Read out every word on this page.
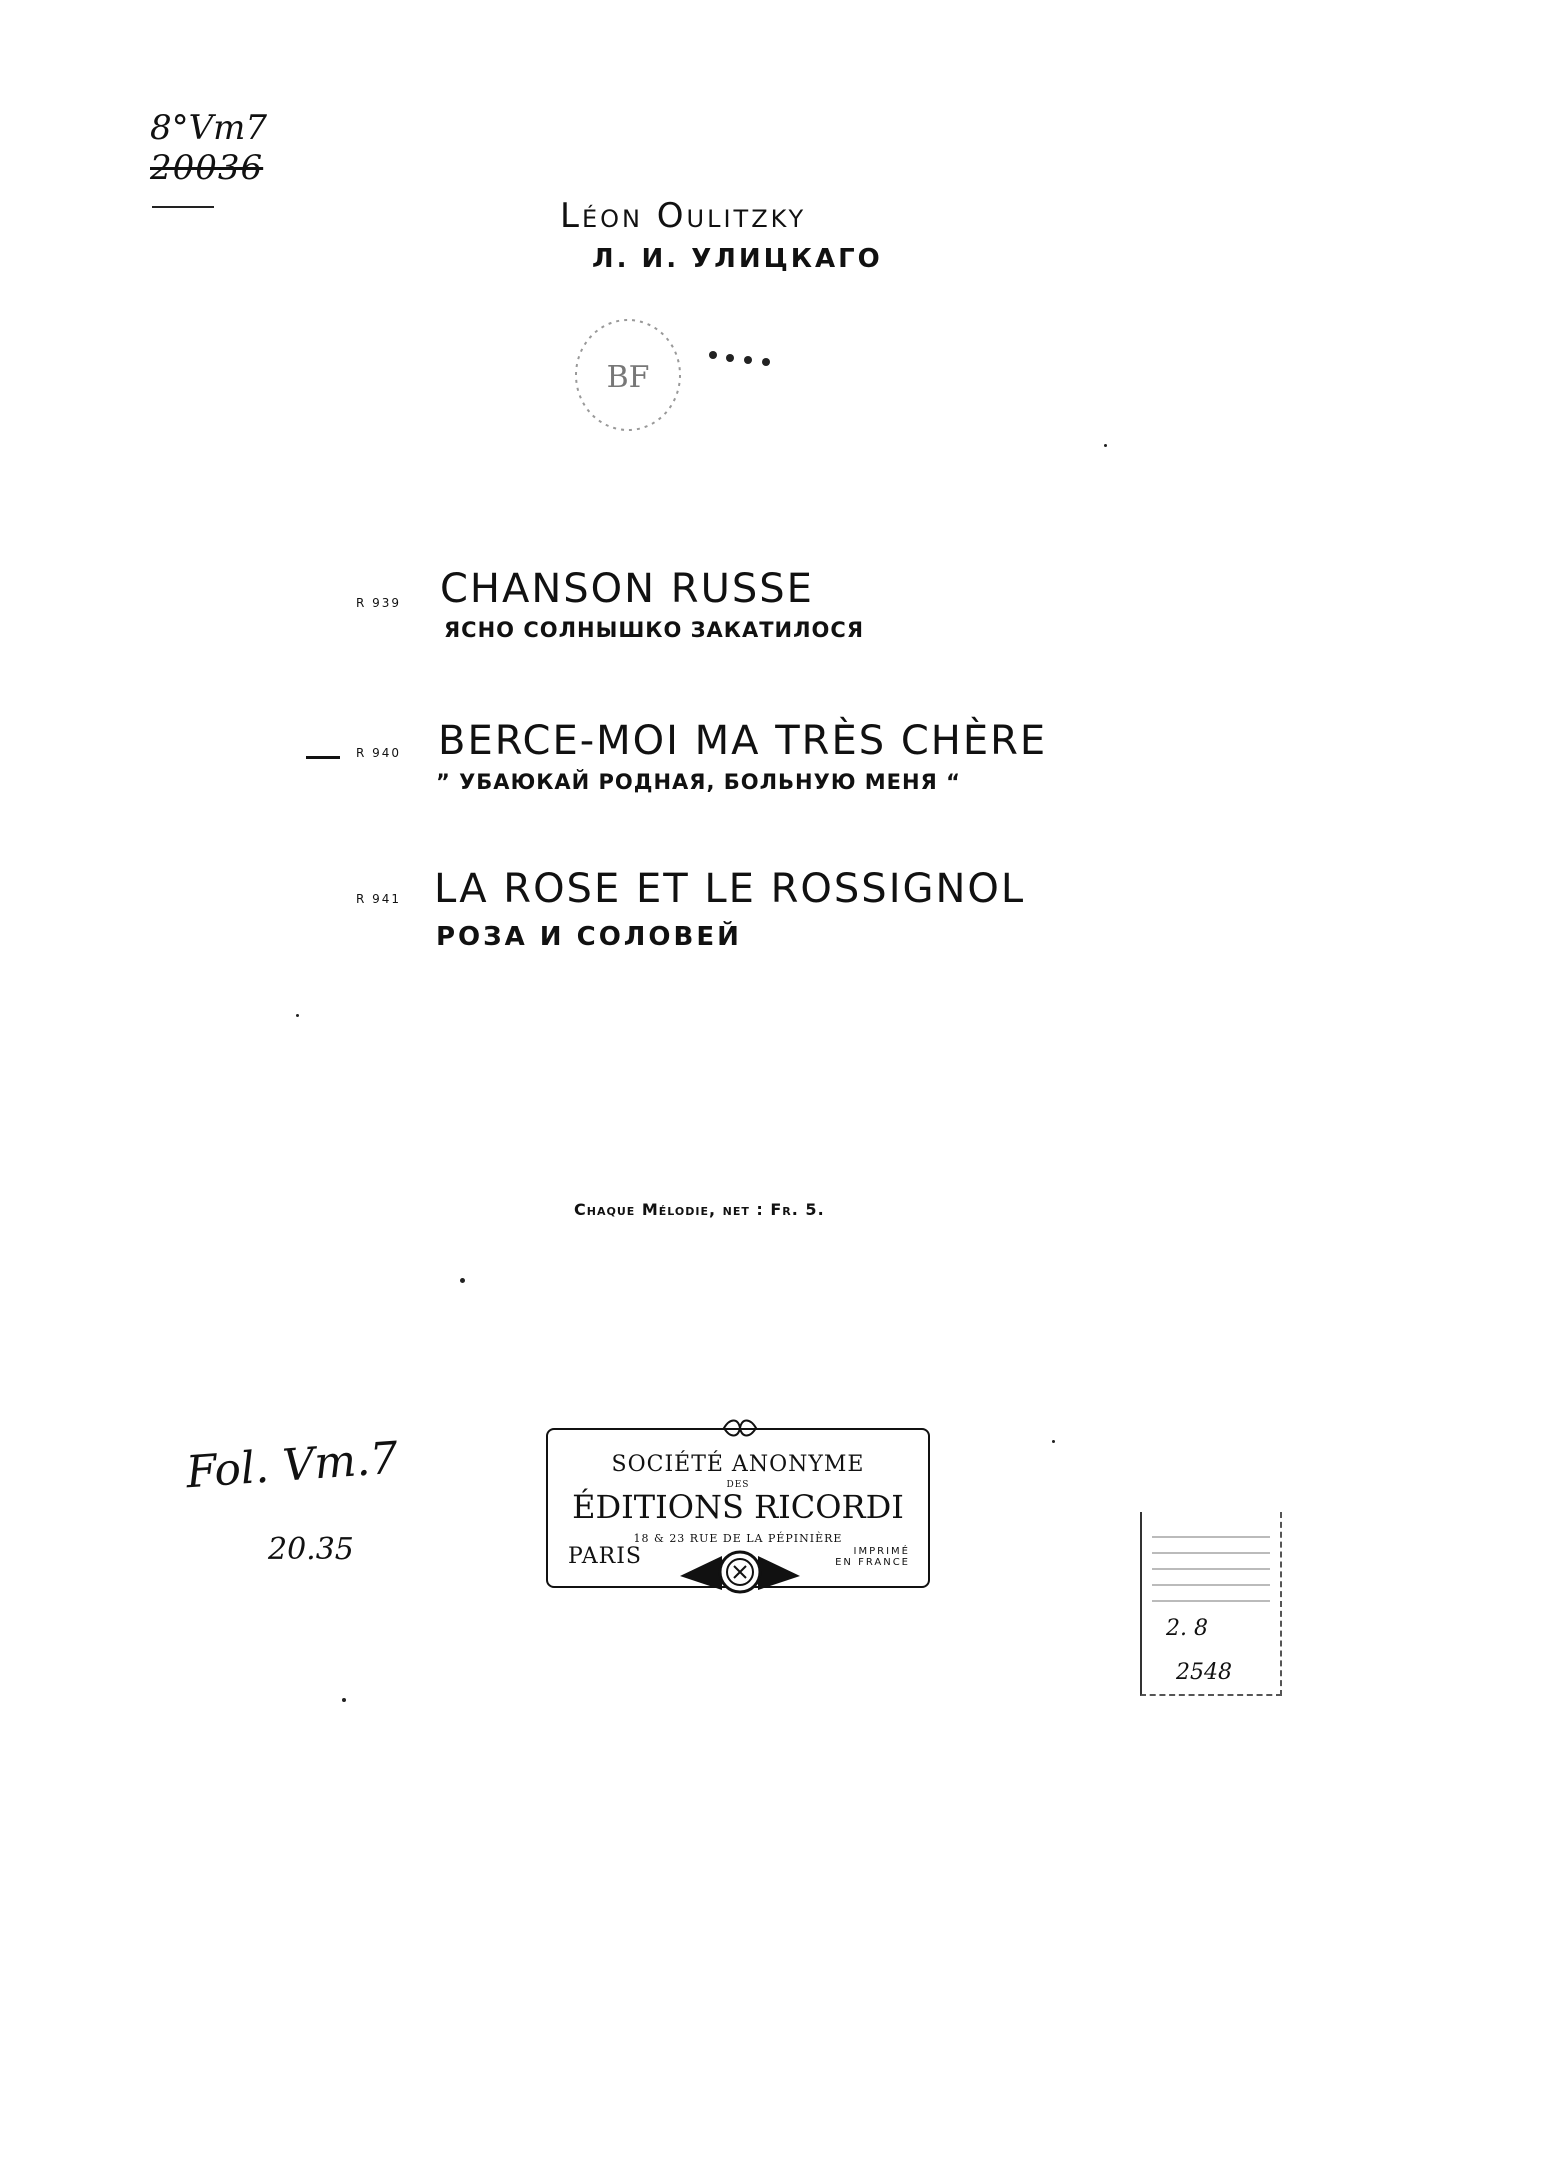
8°Vm7
20036
Léon Oulitzky
Л. И. УЛИЦКАГО
BF
R 939 CHANSON RUSSE
ЯСНО СОЛНЫШКО ЗАКАТИЛОСЯ
R 940 BERCE-MOI MA TRÈS CHÈRE
” УБАЮКАЙ РОДНАЯ, БОЛЬНУЮ МЕНЯ “
R 941 LA ROSE ET LE ROSSIGNOL
РОЗА И СОЛОВЕЙ
Chaque Mélodie, net : Fr. 5.
SOCIÉTÉ ANONYME
DES
ÉDITIONS RICORDI
18 & 23 RUE DE LA PÉPINIÈRE
PARIS	IMPRIMÉ
EN FRANCE
Fol. Vm.7
20.35
2. 8
2548
